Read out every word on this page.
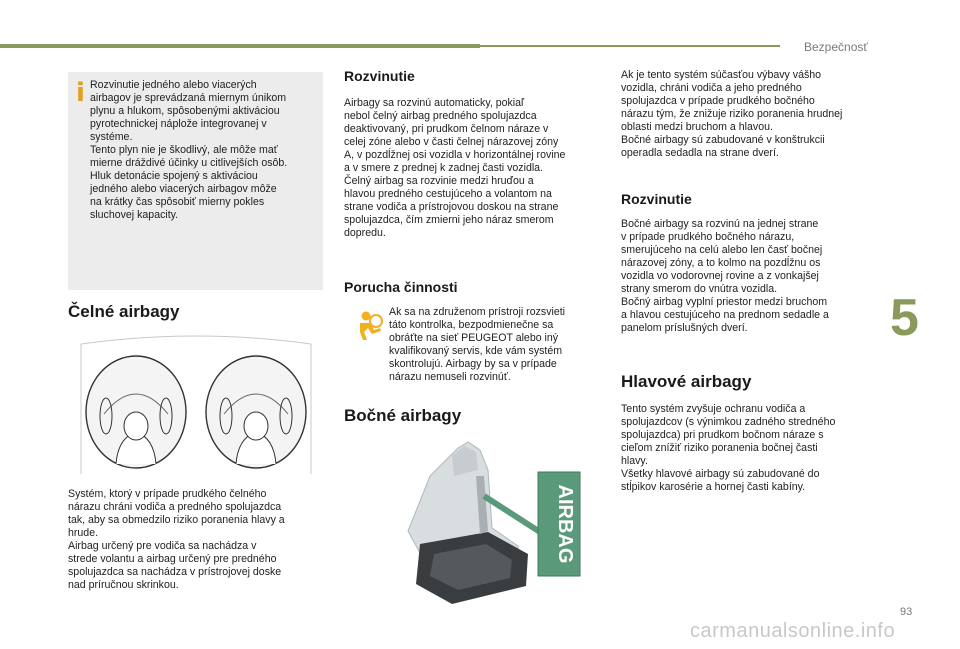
Bezpečnosť
5
i Rozvinutie jedného alebo viacerých
airbagov je sprevádzaná miernym únikom
plynu a hlukom, spôsobenými aktiváciou
pyrotechnickej náplože integrovanej v
systéme.
Tento plyn nie je škodlivý, ale môže mať
mierne dráždivé účinky u citlivejších osôb.
Hluk detonácie spojený s aktiváciou
jedného alebo viacerých airbagov môže
na krátky čas spôsobiť mierny pokles
sluchovej kapacity.
Čelné airbagy
Systém, ktorý v prípade prudkého čelného
nárazu chráni vodiča a predného spolujazdca
tak, aby sa obmedzilo riziko poranenia hlavy a
hrude.
Airbag určený pre vodiča sa nachádza v
strede volantu a airbag určený pre predného
spolujazdca sa nachádza v prístrojovej doske
nad príručnou skrinkou.
Rozvinutie
Airbagy sa rozvinú automaticky, pokiaľ
nebol čelný airbag predného spolujazdca
deaktivovaný, pri prudkom čelnom náraze v
celej zóne alebo v časti čelnej nárazovej zóny
A, v pozdĺžnej osi vozidla v horizontálnej rovine
a v smere z prednej k zadnej časti vozidla.
Čelný airbag sa rozvinie medzi hruďou a
hlavou predného cestujúceho a volantom na
strane vodiča a prístrojovou doskou na strane
spolujazdca, čím zmierni jeho náraz smerom
dopredu.
Porucha činnosti
Ak sa na združenom prístroji rozsvieti
táto kontrolka, bezpodmienečne sa
obráťte na sieť PEUGEOT alebo iný
kvalifikovaný servis, kde vám systém
skontrolujú. Airbagy by sa v prípade
nárazu nemuseli rozvinúť.
Bočné airbagy
AIRBAG
Ak je tento systém súčasťou výbavy vášho
vozidla, chráni vodiča a jeho predného
spolujazdca v prípade prudkého bočného
nárazu tým, že znižuje riziko poranenia hrudnej
oblasti medzi bruchom a hlavou.
Bočné airbagy sú zabudované v konštrukcii
operadla sedadla na strane dverí.
Rozvinutie
Bočné airbagy sa rozvinú na jednej strane
v prípade prudkého bočného nárazu,
smerujúceho na celú alebo len časť bočnej
nárazovej zóny, a to kolmo na pozdĺžnu os
vozidla vo vodorovnej rovine a z vonkajšej
strany smerom do vnútra vozidla.
Bočný airbag vyplní priestor medzi bruchom
a hlavou cestujúceho na prednom sedadle a
panelom príslušných dverí.
Hlavové airbagy
Tento systém zvyšuje ochranu vodiča a
spolujazdcov (s výnimkou zadného stredného
spolujazdca) pri prudkom bočnom náraze s
cieľom znížiť riziko poranenia bočnej časti
hlavy.
Všetky hlavové airbagy sú zabudované do
stĺpikov karosérie a hornej časti kabíny.
93
carmanualsonline.info
